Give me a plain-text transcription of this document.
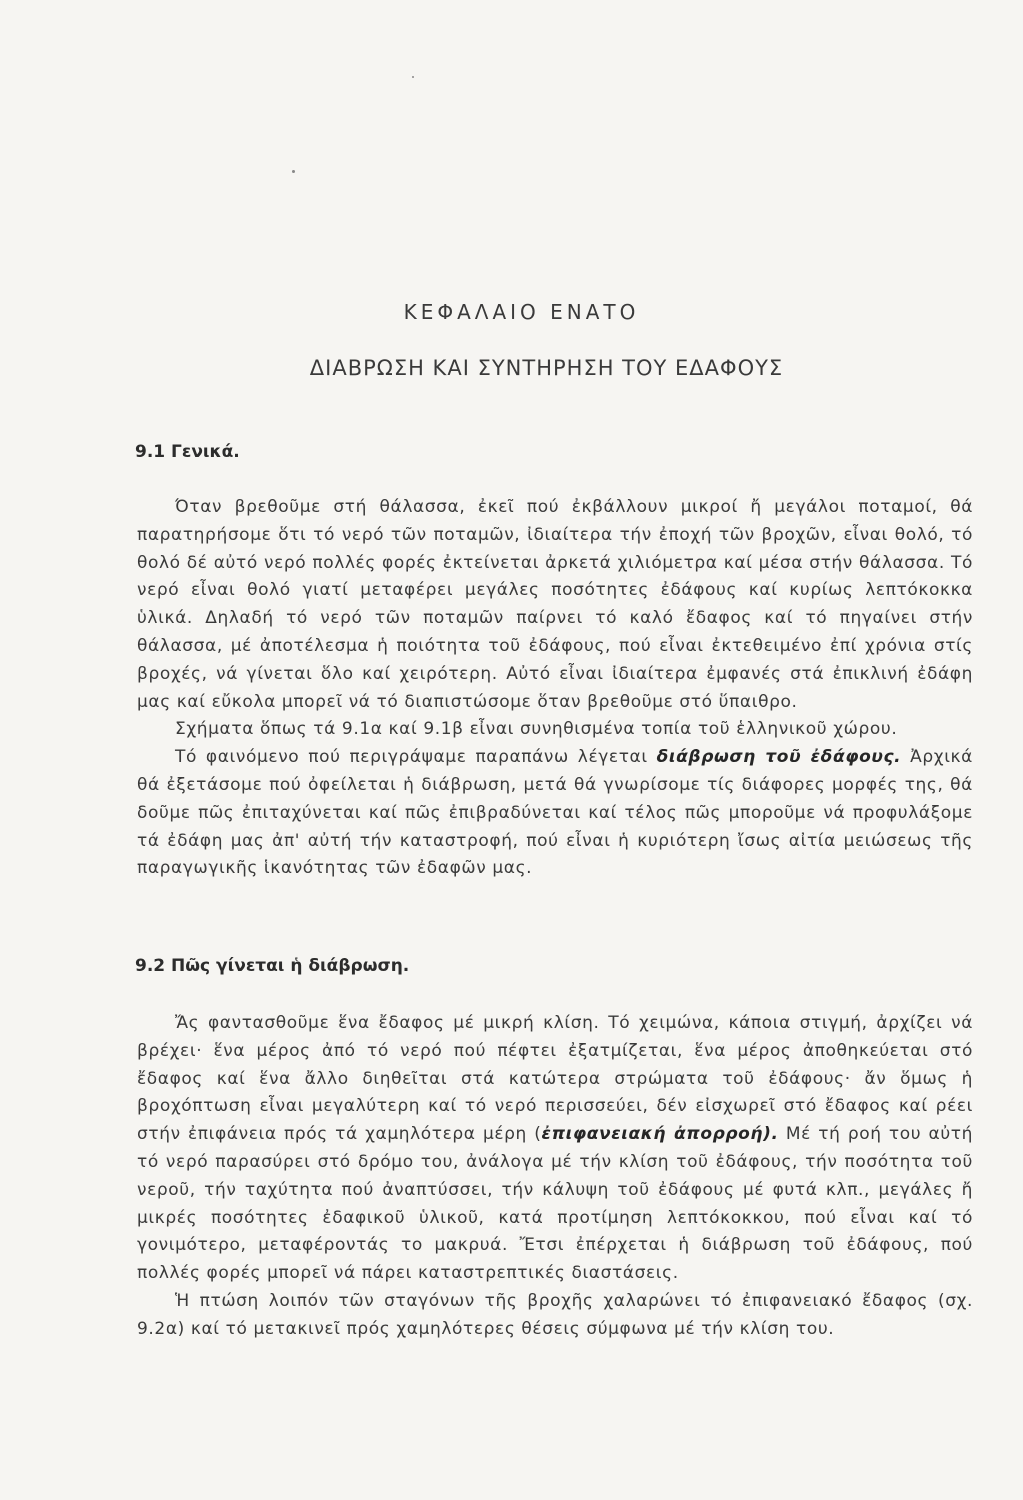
ΚΕΦΑΛΑΙΟ ΕΝΑΤΟ
ΔΙΑΒΡΩΣΗ ΚΑΙ ΣΥΝΤΗΡΗΣΗ ΤΟΥ ΕΔΑΦΟΥΣ
9.1 Γενικά.

Όταν βρεθοῦμε στή θάλασσα, ἐκεῖ πού ἐκβάλλουν μικροί ἤ μεγάλοι ποταμοί, θά παρατηρήσομε ὅτι τό νερό τῶν ποταμῶν, ἰδιαίτερα τήν ἐποχή τῶν βροχῶν, εἶναι θολό, τό θολό δέ αὐτό νερό πολλές φορές ἐκτείνεται ἀρκετά χιλιόμετρα καί μέσα στήν θάλασσα. Τό νερό εἶναι θολό γιατί μεταφέρει μεγάλες ποσότητες ἐδάφους καί κυρίως λεπτόκοκκα ὑλικά. Δηλαδή τό νερό τῶν ποταμῶν παίρνει τό καλό ἔδαφος καί τό πηγαίνει στήν θάλασσα, μέ ἀποτέλεσμα ἡ ποιότητα τοῦ ἐδάφους, πού εἶναι ἐκτεθειμένο ἐπί χρόνια στίς βροχές, νά γίνεται ὅλο καί χειρότερη. Αὐτό εἶναι ἰδιαίτερα ἐμφανές στά ἐπικλινή ἐδάφη μας καί εὔκολα μπορεῖ νά τό διαπιστώσομε ὅταν βρεθοῦμε στό ὕπαιθρο.

Σχήματα ὅπως τά 9.1α καί 9.1β εἶναι συνηθισμένα τοπία τοῦ ἑλληνικοῦ χώρου.

Τό φαινόμενο πού περιγράψαμε παραπάνω λέγεται διάβρωση τοῦ ἐδάφους. Ἀρχικά θά ἐξετάσομε πού ὀφείλεται ἡ διάβρωση, μετά θά γνωρίσομε τίς διάφορες μορφές της, θά δοῦμε πῶς ἐπιταχύνεται καί πῶς ἐπιβραδύνεται καί τέλος πῶς μποροῦμε νά προφυλάξομε τά ἐδάφη μας ἀπ' αὐτή τήν καταστροφή, πού εἶναι ἡ κυριότερη ἴσως αἰτία μειώσεως τῆς παραγωγικῆς ἱκανότητας τῶν ἐδαφῶν μας.

9.2 Πῶς γίνεται ἡ διάβρωση.

Ἄς φαντασθοῦμε ἕνα ἔδαφος μέ μικρή κλίση. Τό χειμώνα, κάποια στιγμή, ἀρχίζει νά βρέχει· ἕνα μέρος ἀπό τό νερό πού πέφτει ἐξατμίζεται, ἕνα μέρος ἀποθηκεύεται στό ἔδαφος καί ἕνα ἄλλο διηθεῖται στά κατώτερα στρώματα τοῦ ἐδάφους· ἄν ὅμως ἡ βροχόπτωση εἶναι μεγαλύτερη καί τό νερό περισσεύει, δέν εἰσχωρεῖ στό ἔδαφος καί ρέει στήν ἐπιφάνεια πρός τά χαμηλότερα μέρη (ἐπιφανειακή ἀπορροή). Μέ τή ροή του αὐτή τό νερό παρασύρει στό δρόμο του, ἀνάλογα μέ τήν κλίση τοῦ ἐδάφους, τήν ποσότητα τοῦ νεροῦ, τήν ταχύτητα πού ἀναπτύσσει, τήν κάλυψη τοῦ ἐδάφους μέ φυτά κλπ., μεγάλες ἤ μικρές ποσότητες ἐδαφικοῦ ὑλικοῦ, κατά προτίμηση λεπτόκοκκου, πού εἶναι καί τό γονιμότερο, μεταφέροντάς το μακρυά. Ἔτσι ἐπέρχεται ἡ διάβρωση τοῦ ἐδάφους, πού πολλές φορές μπορεῖ νά πάρει καταστρεπτικές διαστάσεις.

Ἡ πτώση λοιπόν τῶν σταγόνων τῆς βροχῆς χαλαρώνει τό ἐπιφανειακό ἔδαφος (σχ. 9.2α) καί τό μετακινεῖ πρός χαμηλότερες θέσεις σύμφωνα μέ τήν κλίση του.
